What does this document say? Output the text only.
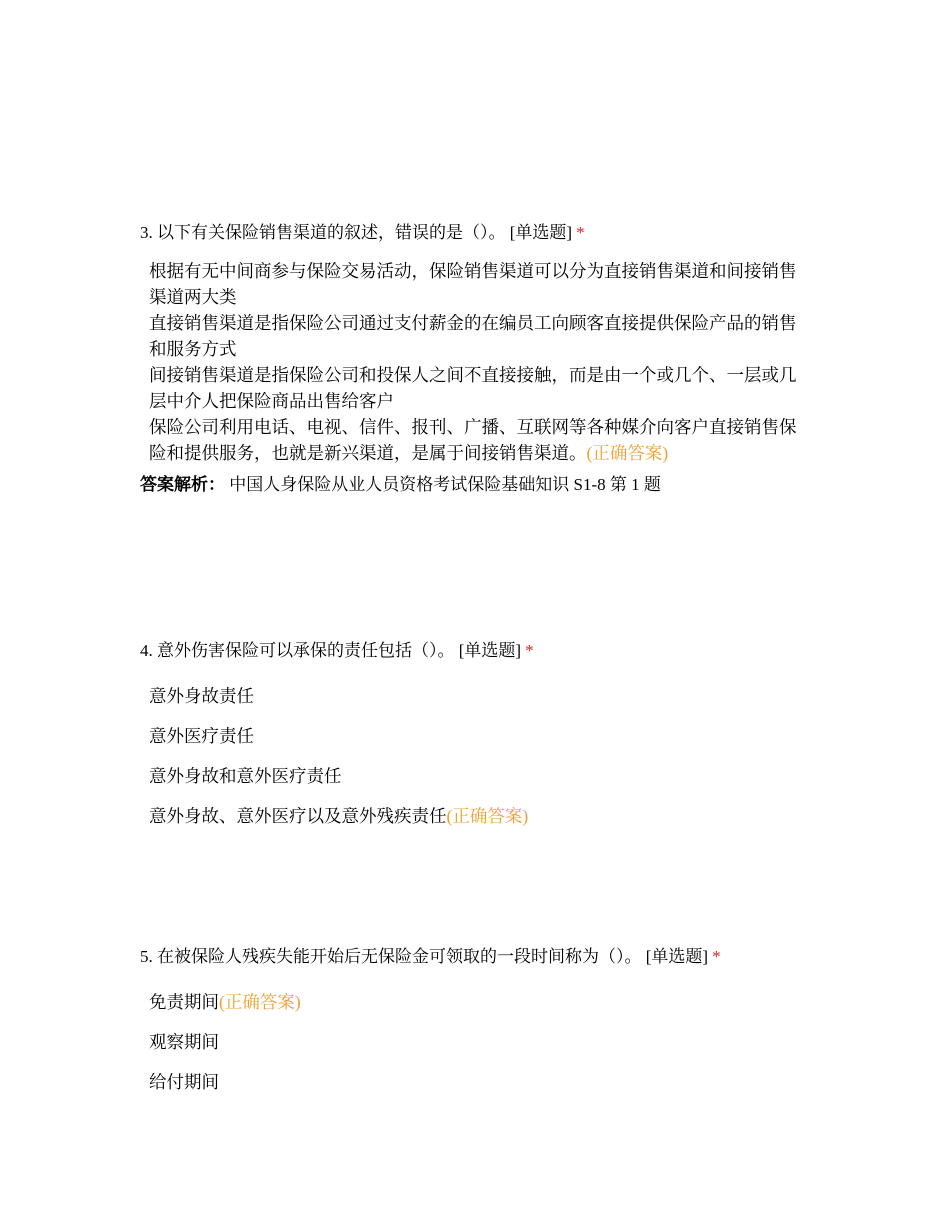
3. 以下有关保险销售渠道的叙述，错误的是（）。 [单选题] *
根据有无中间商参与保险交易活动，保险销售渠道可以分为直接销售渠道和间接销售渠道两大类
直接销售渠道是指保险公司通过支付薪金的在编员工向顾客直接提供保险产品的销售和服务方式
间接销售渠道是指保险公司和投保人之间不直接接触，而是由一个或几个、一层或几层中介人把保险商品出售给客户
保险公司利用电话、电视、信件、报刊、广播、互联网等各种媒介向客户直接销售保险和提供服务，也就是新兴渠道，是属于间接销售渠道。(正确答案)
答案解析： 中国人身保险从业人员资格考试保险基础知识 S1-8 第 1 题
4. 意外伤害保险可以承保的责任包括（）。 [单选题] *
意外身故责任
意外医疗责任
意外身故和意外医疗责任
意外身故、意外医疗以及意外残疾责任(正确答案)
5. 在被保险人残疾失能开始后无保险金可领取的一段时间称为（）。 [单选题] *
免责期间(正确答案)
观察期间
给付期间
